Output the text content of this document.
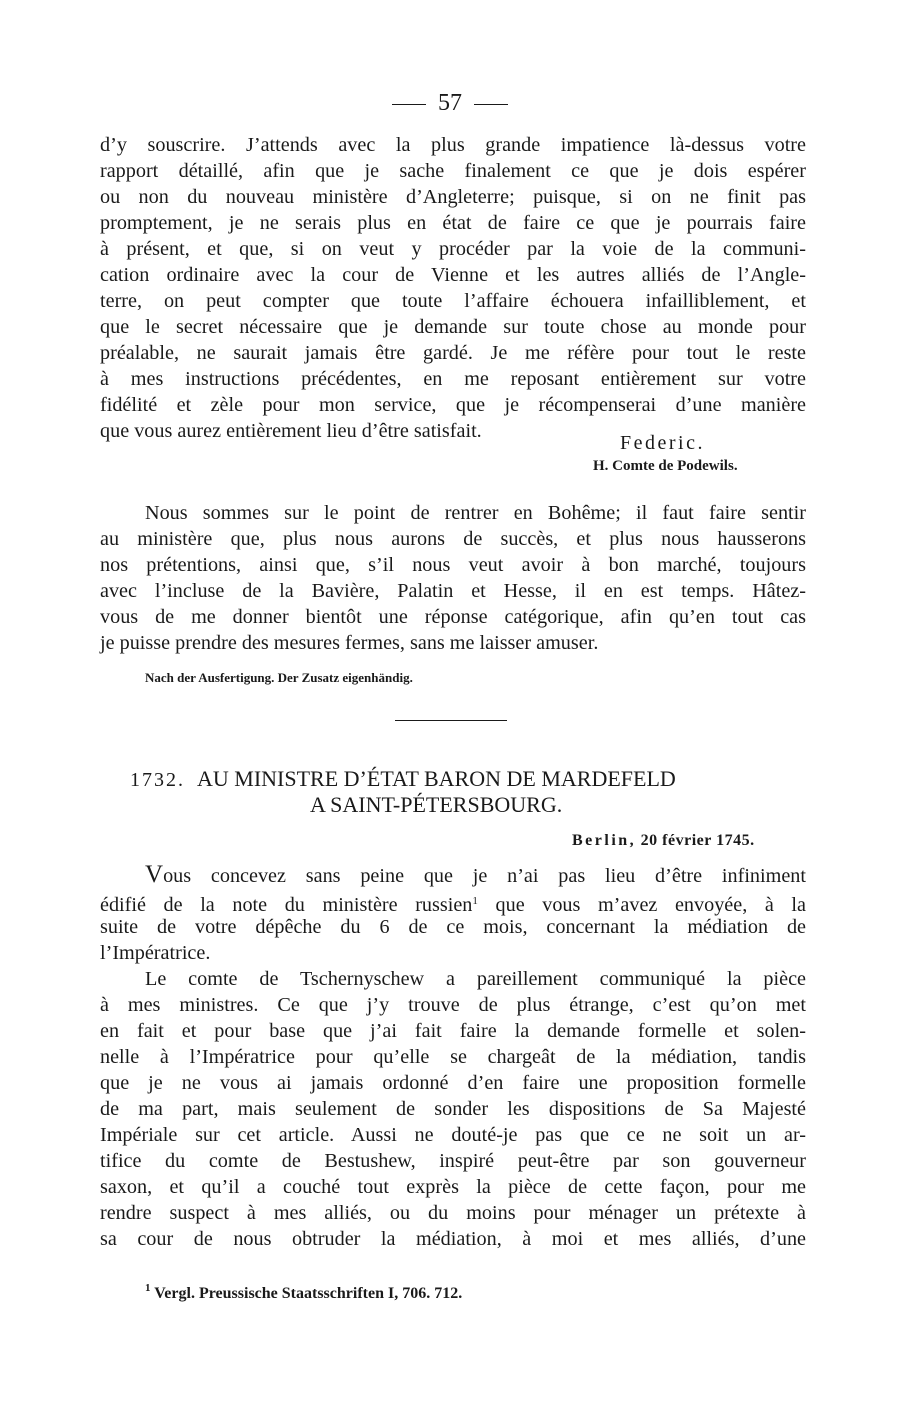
57
d’y souscrire. J’attends avec la plus grande impatience là-dessus votre
rapport détaillé, afin que je sache finalement ce que je dois espérer
ou non du nouveau ministère d’Angleterre; puisque, si on ne finit pas
promptement, je ne serais plus en état de faire ce que je pourrais faire
à présent, et que, si on veut y procéder par la voie de la communi-
cation ordinaire avec la cour de Vienne et les autres alliés de l’Angle-
terre, on peut compter que toute l’affaire échouera infailliblement, et
que le secret nécessaire que je demande sur toute chose au monde pour
préalable, ne saurait jamais être gardé. Je me réfère pour tout le reste
à mes instructions précédentes, en me reposant entièrement sur votre
fidélité et zèle pour mon service, que je récompenserai d’une manière
que vous aurez entièrement lieu d’être satisfait.
Federic.
H. Comte de Podewils.
Nous sommes sur le point de rentrer en Bohême; il faut faire sentir
au ministère que, plus nous aurons de succès, et plus nous hausserons
nos prétentions, ainsi que, s’il nous veut avoir à bon marché, toujours
avec l’incluse de la Bavière, Palatin et Hesse, il en est temps. Hâtez-
vous de me donner bientôt une réponse catégorique, afin qu’en tout cas
je puisse prendre des mesures fermes, sans me laisser amuser.
Nach der Ausfertigung. Der Zusatz eigenhändig.
1732. AU MINISTRE D’ÉTAT BARON DE MARDEFELD
A SAINT-PÉTERSBOURG.
Berlin, 20 février 1745.
Vous concevez sans peine que je n’ai pas lieu d’être infiniment
édifié de la note du ministère russien$^1$ que vous m’avez envoyée, à la
suite de votre dépêche du 6 de ce mois, concernant la médiation de
l’Impératrice.
Le comte de Tschernyschew a pareillement communiqué la pièce
à mes ministres. Ce que j’y trouve de plus étrange, c’est qu’on met
en fait et pour base que j’ai fait faire la demande formelle et solen-
nelle à l’Impératrice pour qu’elle se chargeât de la médiation, tandis
que je ne vous ai jamais ordonné d’en faire une proposition formelle
de ma part, mais seulement de sonder les dispositions de Sa Majesté
Impériale sur cet article. Aussi ne douté-je pas que ce ne soit un ar-
tifice du comte de Bestushew, inspiré peut-être par son gouverneur
saxon, et qu’il a couché tout exprès la pièce de cette façon, pour me
rendre suspect à mes alliés, ou du moins pour ménager un prétexte à
sa cour de nous obtruder la médiation, à moi et mes alliés, d’une
$^1$ Vergl. Preussische Staatsschriften I, 706. 712.
